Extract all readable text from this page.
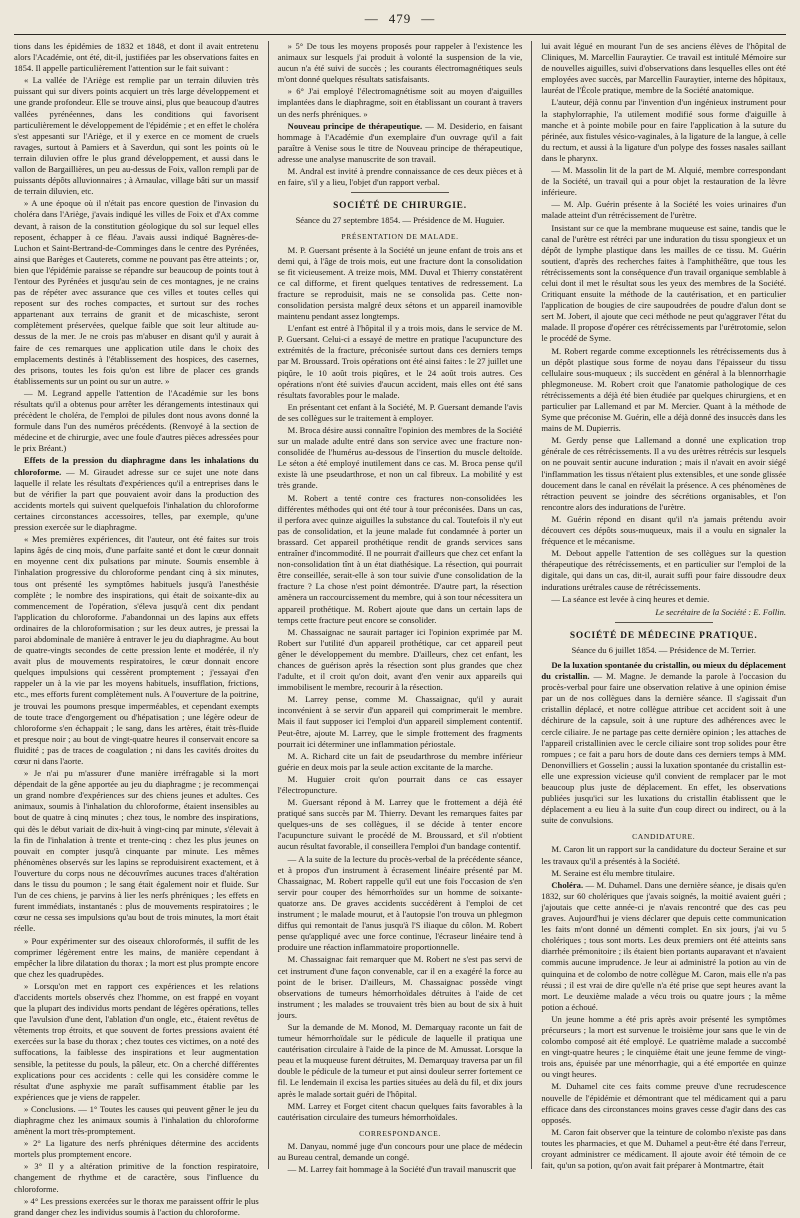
— 479 —

tions dans les épidémies de 1832 et 1848, et dont il avait entretenu alors l'Académie, ont été, dit-il, justifiées par les observations faites en 1854. Il appelle particulièrement l'attention sur le fait suivant :

« La vallée de l'Ariège est remplie par un terrain diluvien très puissant qui sur divers points acquiert un très large développement et une grande profondeur. Elle se trouve ainsi, plus que beaucoup d'autres vallées pyrénéennes, dans les conditions qui favorisent particulièrement le développement de l'épidémie ; et en effet le choléra s'est appesanti sur l'Ariège, et il y exerce en ce moment de cruels ravages, surtout à Pamiers et à Saverdun, qui sont les points où le terrain diluvien offre le plus grand développement, et aussi dans le vallon de Bargaillières, un peu au-dessus de Foix, vallon rempli par de puissants dépôts alluvionnaires ; à Arnaulac, village bâti sur un massif de terrain diluvien, etc.

» A une époque où il n'était pas encore question de l'invasion du choléra dans l'Ariège, j'avais indiqué les villes de Foix et d'Ax comme devant, à raison de la constitution géologique du sol sur lequel elles reposent, échapper à ce fléau. J'avais aussi indiqué Bagnères-de-Luchon et Saint-Bertrand-de-Comminges dans le centre des Pyrénées, ainsi que Barèges et Cauterets, comme ne pouvant pas être atteints ; or, bien que l'épidémie paraisse se répandre sur beaucoup de points tout à l'entour des Pyrénées et jusqu'au sein de ces montagnes, je ne crains pas de répéter avec assurance que ces villes et toutes celles qui reposent sur des roches compactes, et surtout sur des roches appartenant aux terrains de granit et de micaschiste, seront complètement préservées, quelque faible que soit leur altitude au-dessus de la mer. Je ne crois pas m'abuser en disant qu'il y aurait à faire de ces remarques une application utile dans le choix des emplacements destinés à l'établissement des hospices, des casernes, des prisons, toutes les fois qu'on est libre de placer ces grands établissements sur un point ou sur un autre. »

— M. Legrand appelle l'attention de l'Académie sur les bons résultats qu'il a obtenus pour arrêter les dérangements intestinaux qui précèdent le choléra, de l'emploi de pilules dont nous avons donné la formule dans l'un des numéros précédents. (Renvoyé à la section de médecine et de chirurgie, avec une foule d'autres pièces adressées pour le prix Bréant.)

Effets de la pression du diaphragme dans les inhalations du chloroforme. — M. Giraudet adresse sur ce sujet une note dans laquelle il relate les résultats d'expériences qu'il a entreprises dans le but de vérifier la part que pouvaient avoir dans la production des accidents mortels qui suivent quelquefois l'inhalation du chloroforme certaines circonstances accessoires, telles, par exemple, qu'une pression exercée sur le diaphragme.

« Mes premières expériences, dit l'auteur, ont été faites sur trois lapins âgés de cinq mois, d'une parfaite santé et dont le cœur donnait en moyenne cent dix pulsations par minute. Soumis ensemble à l'inhalation progressive du chloroforme pendant cinq à six minutes, tous ont présenté les symptômes habituels jusqu'à l'anesthésie complète ; le nombre des inspirations, qui était de soixante-dix au commencement de l'opération, s'éleva jusqu'à cent dix pendant l'application du chloroforme. J'abandonnai un des lapins aux effets ordinaires de la chloroformisation ; sur les deux autres, je pressai la paroi abdominale de manière à entraver le jeu du diaphragme. Au bout de quatre-vingts secondes de cette pression lente et modérée, il n'y avait plus de mouvements respiratoires, le cœur donnait encore quelques impulsions qui cessèrent promptement ; j'essayai d'en rappeler un à la vie par les moyens habituels, insufflation, frictions, etc., mes efforts furent complètement nuls. A l'ouverture de la poitrine, je trouvai les poumons presque imperméables, et cependant exempts de toute trace d'engorgement ou d'hépatisation ; une légère odeur de chloroforme s'en échappait ; le sang, dans les artères, était très-fluide et presque noir ; au bout de vingt-quatre heures il conservait encore sa fluidité ; pas de traces de coagulation ; ni dans les cavités droites du cœur ni dans l'aorte.

» Je n'ai pu m'assurer d'une manière irréfragable si la mort dépendait de la gêne apportée au jeu du diaphragme ; je recommençai un grand nombre d'expériences sur des chiens jeunes et adultes. Ces animaux, soumis à l'inhalation du chloroforme, étaient insensibles au bout de quatre à cinq minutes ; chez tous, le nombre des inspirations, qui dès le début variait de dix-huit à vingt-cinq par minute, s'élevait à la fin de l'inhalation à trente et trente-cinq : chez les plus jeunes on pouvait en compter jusqu'à cinquante par minute. Les mêmes phénomènes observés sur les lapins se reproduisirent exactement, et à l'ouverture du corps nous ne découvrîmes aucunes traces d'altération dans le tissu du poumon ; le sang était également noir et fluide. Sur l'un de ces chiens, je parvins à lier les nerfs phréniques ; les effets en furent immédiats, instantanés : plus de mouvements respiratoires ; le cœur ne cessa ses impulsions qu'au bout de trois minutes, la mort était réelle.

» Pour expérimenter sur des oiseaux chloroformés, il suffit de les comprimer légèrement entre les mains, de manière cependant à empêcher la libre dilatation du thorax ; la mort est plus prompte encore que chez les quadrupèdes.

» Lorsqu'on met en rapport ces expériences et les relations d'accidents mortels observés chez l'homme, on est frappé en voyant que la plupart des individus morts pendant de légères opérations, telles que l'avulsion d'une dent, l'ablation d'un ongle, etc., étaient revêtus de vêtements trop étroits, et que souvent de fortes pressions avaient été exercées sur la base du thorax ; chez toutes ces victimes, on a noté des suffocations, la faiblesse des inspirations et leur augmentation sensible, la petitesse du pouls, la pâleur, etc. On a cherché différentes explications pour ces accidents : celle qui les considère comme le résultat d'une asphyxie me paraît suffisamment établie par les expériences que je viens de rappeler.

» Conclusions. — 1° Toutes les causes qui peuvent gêner le jeu du diaphragme chez les animaux soumis à l'inhalation du chloroforme amènent la mort très-promptement.

» 2° La ligature des nerfs phréniques détermine des accidents mortels plus promptement encore.

» 3° Il y a altération primitive de la fonction respiratoire, changement de rhythme et de caractère, sous l'influence du chloroforme.

» 4° Les pressions exercées sur le thorax me paraissent offrir le plus grand danger chez les individus soumis à l'action du chloroforme.

» 5° De tous les moyens proposés pour rappeler à l'existence les animaux sur lesquels j'ai produit à volonté la suspension de la vie, aucun n'a été suivi de succès ; les courants électromagnétiques seuls m'ont donné quelques résultats satisfaisants.

» 6° J'ai employé l'électromagnétisme soit au moyen d'aiguilles implantées dans le diaphragme, soit en établissant un courant à travers un des nerfs phréniques. »

Nouveau principe de thérapeutique. — M. Desiderio, en faisant hommage à l'Académie d'un exemplaire d'un ouvrage qu'il a fait paraître à Venise sous le titre de Nouveau principe de thérapeutique, adresse une analyse manuscrite de son travail.

M. Andral est invité à prendre connaissance de ces deux pièces et à en faire, s'il y a lieu, l'objet d'un rapport verbal.

SOCIÉTÉ DE CHIRURGIE.
Séance du 27 septembre 1854. — Présidence de M. Huguier.
PRÉSENTATION DE MALADE.

M. P. Guersant présente à la Société un jeune enfant de trois ans et demi qui, à l'âge de trois mois, eut une fracture dont la consolidation se fit vicieusement. A treize mois, MM. Duval et Thierry constatèrent ce cal difforme, et firent quelques tentatives de redressement. La fracture se reproduisit, mais ne se consolida pas. Cette non-consolidation persista malgré deux sétons et un appareil inamovible maintenu pendant assez longtemps.

L'enfant est entré à l'hôpital il y a trois mois, dans le service de M. P. Guersant. Celui-ci a essayé de mettre en pratique l'acupuncture des extrémités de la fracture, préconisée surtout dans ces derniers temps par M. Broussard. Trois opérations ont été ainsi faites : le 27 juillet une piqûre, le 10 août trois piqûres, et le 24 août trois autres. Ces opérations n'ont été suivies d'aucun accident, mais elles ont été sans résultats favorables pour le malade.

En présentant cet enfant à la Société, M. P. Guersant demande l'avis de ses collègues sur le traitement à employer.

M. Broca désire aussi connaître l'opinion des membres de la Société sur un malade adulte entré dans son service avec une fracture non-consolidée de l'humérus au-dessous de l'insertion du muscle deltoïde. Le séton a été employé inutilement dans ce cas. M. Broca pense qu'il existe là une pseudarthrose, et non un cal fibreux. La mobilité y est très grande.

M. Robert a tenté contre ces fractures non-consolidées les différentes méthodes qui ont été tour à tour préconisées. Dans un cas, il perfora avec quinze aiguilles la substance du cal. Toutefois il n'y eut pas de consolidation, et la jeune malade fut condamnée à porter un brassard. Cet appareil prothétique rendit de grands services sans entraîner d'incommodité. Il ne pourrait d'ailleurs que chez cet enfant la non-consolidation tînt à un état diathésique. La résection, qui pourrait être conseillée, serait-elle à son tour suivie d'une consolidation de la fracture ? La chose n'est point démontrée. D'autre part, la résection amènera un raccourcissement du membre, qui à son tour nécessitera un appareil prothétique. M. Robert ajoute que dans un certain laps de temps cette fracture peut encore se consolider.

M. Chassaignac ne saurait partager ici l'opinion exprimée par M. Robert sur l'utilité d'un appareil prothétique, car cet appareil peut gêner le développement du membre. D'ailleurs, chez cet enfant, les chances de guérison après la résection sont plus grandes que chez l'adulte, et il croit qu'on doit, avant d'en venir aux appareils qui immobilisent le membre, recourir à la résection.

M. Larrey pense, comme M. Chassaignac, qu'il y aurait inconvénient à se servir d'un appareil qui comprimerait le membre. Mais il faut supposer ici l'emploi d'un appareil simplement contentif. Peut-être, ajoute M. Larrey, que le simple frottement des fragments pourrait ici déterminer une inflammation périostale.

M. A. Richard cite un fait de pseudarthrose du membre inférieur guérie en deux mois par la seule action excitante de la marche.

M. Huguier croit qu'on pourrait dans ce cas essayer l'électropuncture.

M. Guersant répond à M. Larrey que le frottement a déjà été pratiqué sans succès par M. Thierry. Devant les remarques faites par quelques-uns de ses collègues, il se décide à tenter encore l'acupuncture suivant le procédé de M. Broussard, et s'il n'obtient aucun résultat favorable, il conseillera l'emploi d'un bandage contentif.

— A la suite de la lecture du procès-verbal de la précédente séance, et à propos d'un instrument à écrasement linéaire présenté par M. Chassaignac, M. Robert rappelle qu'il eut une fois l'occasion de s'en servir pour couper des hémorrhoïdes sur un homme de soixante-quatorze ans. De graves accidents succédèrent à l'emploi de cet instrument ; le malade mourut, et à l'autopsie l'on trouva un phlegmon diffus qui remontait de l'anus jusqu'à l'S iliaque du côlon. M. Robert pense qu'appliqué avec une force continue, l'écraseur linéaire tend à produire une réaction inflammatoire proportionnelle.

M. Chassaignac fait remarquer que M. Robert ne s'est pas servi de cet instrument d'une façon convenable, car il en a exagéré la force au point de le briser. D'ailleurs, M. Chassaignac possède vingt observations de tumeurs hémorrhoïdales détruites à l'aide de cet instrument ; les malades se trouvaient très bien au bout de six à huit jours.

Sur la demande de M. Monod, M. Demarquay raconte un fait de tumeur hémorrhoïdale sur le pédicule de laquelle il pratiqua une cautérisation circulaire à l'aide de la pince de M. Amussat. Lorsque la peau et la muqueuse furent détruites, M. Demarquay traversa par un fil double le pédicule de la tumeur et put ainsi douleur serrer fortement ce fil. Le lendemain il excisa les parties situées au delà du fil, et dix jours après le malade sortait guéri de l'hôpital.

MM. Larrey et Forget citent chacun quelques faits favorables à la cautérisation circulaire des tumeurs hémorrhoïdales.

CORRESPONDANCE.

M. Danyau, nommé juge d'un concours pour une place de médecin au Bureau central, demande un congé.

— M. Larrey fait hommage à la Société d'un travail manuscrit que

lui avait légué en mourant l'un de ses anciens élèves de l'hôpital de Cliniques, M. Marcellin Fauraytier. Ce travail est intitulé Mémoire sur de nouvelles aiguilles, suivi d'observations dans lesquelles elles ont été employées avec succès, par Marcellin Fauraytier, interne des hôpitaux, lauréat de l'École pratique, membre de la Société anatomique.

L'auteur, déjà connu par l'invention d'un ingénieux instrument pour la staphylorraphie, l'a utilement modifié sous forme d'aiguille à manche et à pointe mobile pour en faire l'application à la suture du périnée, aux fistules vésico-vaginales, à la ligature de la langue, à celle du rectum, et aussi à la ligature d'un polype des fosses nasales saillant dans le pharynx.

— M. Massolin lit de la part de M. Alquié, membre correspondant de la Société, un travail qui a pour objet la restauration de la lèvre inférieure.

— M. Alp. Guérin présente à la Société les voies urinaires d'un malade atteint d'un rétrécissement de l'urètre.

Insistant sur ce que la membrane muqueuse est saine, tandis que le canal de l'urètre est rétréci par une induration du tissu spongieux et un dépôt de lymphe plastique dans les mailles de ce tissu. M. Guérin soutient, d'après des recherches faites à l'amphithéâtre, que tous les rétrécissements sont la conséquence d'un travail organique semblable à celui dont il met le résultat sous les yeux des membres de la Société. Critiquant ensuite la méthode de la cautérisation, et en particulier l'application de bougies de cire saupoudrées de poudre d'alun dont se sert M. Jobert, il ajoute que ceci méthode ne peut qu'aggraver l'état du malade. Il propose d'opérer ces rétrécissements par l'urétrotomie, selon le procédé de Syme.

M. Robert regarde comme exceptionnels les rétrécissements dus à un dépôt plastique sous forme de noyau dans l'épaisseur du tissu cellulaire sous-muqueux ; ils succèdent en général à la blennorrhagie phlegmoneuse. M. Robert croit que l'anatomie pathologique de ces rétrécissements a déjà été bien étudiée par quelques chirurgiens, et en particulier par Lallemand et par M. Mercier. Quant à la méthode de Syme que préconise M. Guérin, elle a déjà donné des insuccès dans les mains de M. Dupierris.

M. Gerdy pense que Lallemand a donné une explication trop générale de ces rétrécissements. Il a vu des urètres rétrécis sur lesquels on ne pouvait sentir aucune induration ; mais il n'avait en avoir siégé l'inflammation les tissus n'étaient plus extensibles, et une sonde glissée doucement dans le canal en révélait la présence. A ces phénomènes de rétraction peuvent se joindre des sécrétions organisables, et l'on rencontre alors des indurations de l'urètre.

M. Guérin répond en disant qu'il n'a jamais prétendu avoir découvert ces dépôts sous-muqueux, mais il a voulu en signaler la fréquence et le mécanisme.

M. Debout appelle l'attention de ses collègues sur la question thérapeutique des rétrécissements, et en particulier sur l'emploi de la digitale, qui dans un cas, dit-il, aurait suffi pour faire dissoudre deux indurations urétrales cause de rétrécissements.

— La séance est levée à cinq heures et demie.

Le secrétaire de la Société : E. Follin.
SOCIÉTÉ DE MÉDECINE PRATIQUE.
Séance du 6 juillet 1854. — Présidence de M. Terrier.

De la luxation spontanée du cristallin, ou mieux du déplacement du cristallin. — M. Magne. Je demande la parole à l'occasion du procès-verbal pour faire une observation relative à une opinion émise par un de nos collègues dans la dernière séance. Il s'agissait d'un cristallin déplacé, et notre collègue attribue cet accident soit à une déchirure de la capsule, soit à une rupture des adhérences avec le cercle ciliaire. Je ne partage pas cette dernière opinion ; les attaches de l'appareil cristallinien avec le cercle ciliaire sont trop solides pour être rompues ; ce fait a paru hors de doute dans ces derniers temps à MM. Denonvilliers et Gosselin ; aussi la luxation spontanée du cristallin est-elle une expression vicieuse qu'il convient de remplacer par le mot beaucoup plus juste de déplacement. En effet, les observations publiées jusqu'ici sur les luxations du cristallin établissent que le déplacement a eu lieu à la suite d'un coup direct ou indirect, ou à la suite de convulsions.

CANDIDATURE.

M. Caron lit un rapport sur la candidature du docteur Seraine et sur les travaux qu'il a présentés à la Société.

M. Seraine est élu membre titulaire.

Choléra. — M. Duhamel. Dans une dernière séance, je disais qu'en 1832, sur 60 cholériques que j'avais soignés, la moitié avaient guéri ; j'ajoutais que cette année-ci je n'avais rencontré que des cas peu graves. Aujourd'hui je viens déclarer que depuis cette communication les faits m'ont donné un démenti complet. En six jours, j'ai vu 5 cholériques ; tous sont morts. Les deux premiers ont été atteints sans diarrhée prémonitoire ; ils étaient bien portants auparavant et n'avaient commis aucune imprudence. Je leur ai administré la potion au vin de quinquina et de colombo de notre collègue M. Caron, mais elle n'a pas réussi ; il est vrai de dire qu'elle n'a été prise que sept heures avant la mort. Le deuxième malade a vécu trois ou quatre jours ; la même potion a échoué.

Un jeune homme a été pris après avoir présenté les symptômes précurseurs ; la mort est survenue le troisième jour sans que le vin de colombo composé ait été employé. Le quatrième malade a succombé en vingt-quatre heures ; le cinquième était une jeune femme de vingt-trois ans, épuisée par une ménorrhagie, qui a été emportée en quinze ou vingt heures.

M. Duhamel cite ces faits comme preuve d'une recrudescence nouvelle de l'épidémie et démontrant que tel médicament qui a paru efficace dans des circonstances moins graves cesse d'agir dans des cas opposés.

M. Caron fait observer que la teinture de colombo n'existe pas dans toutes les pharmacies, et que M. Duhamel a peut-être été dans l'erreur, croyant administrer ce médicament. Il ajoute avoir été témoin de ce fait, qu'un sa potion, qu'on avait fait préparer à Montmartre, était
